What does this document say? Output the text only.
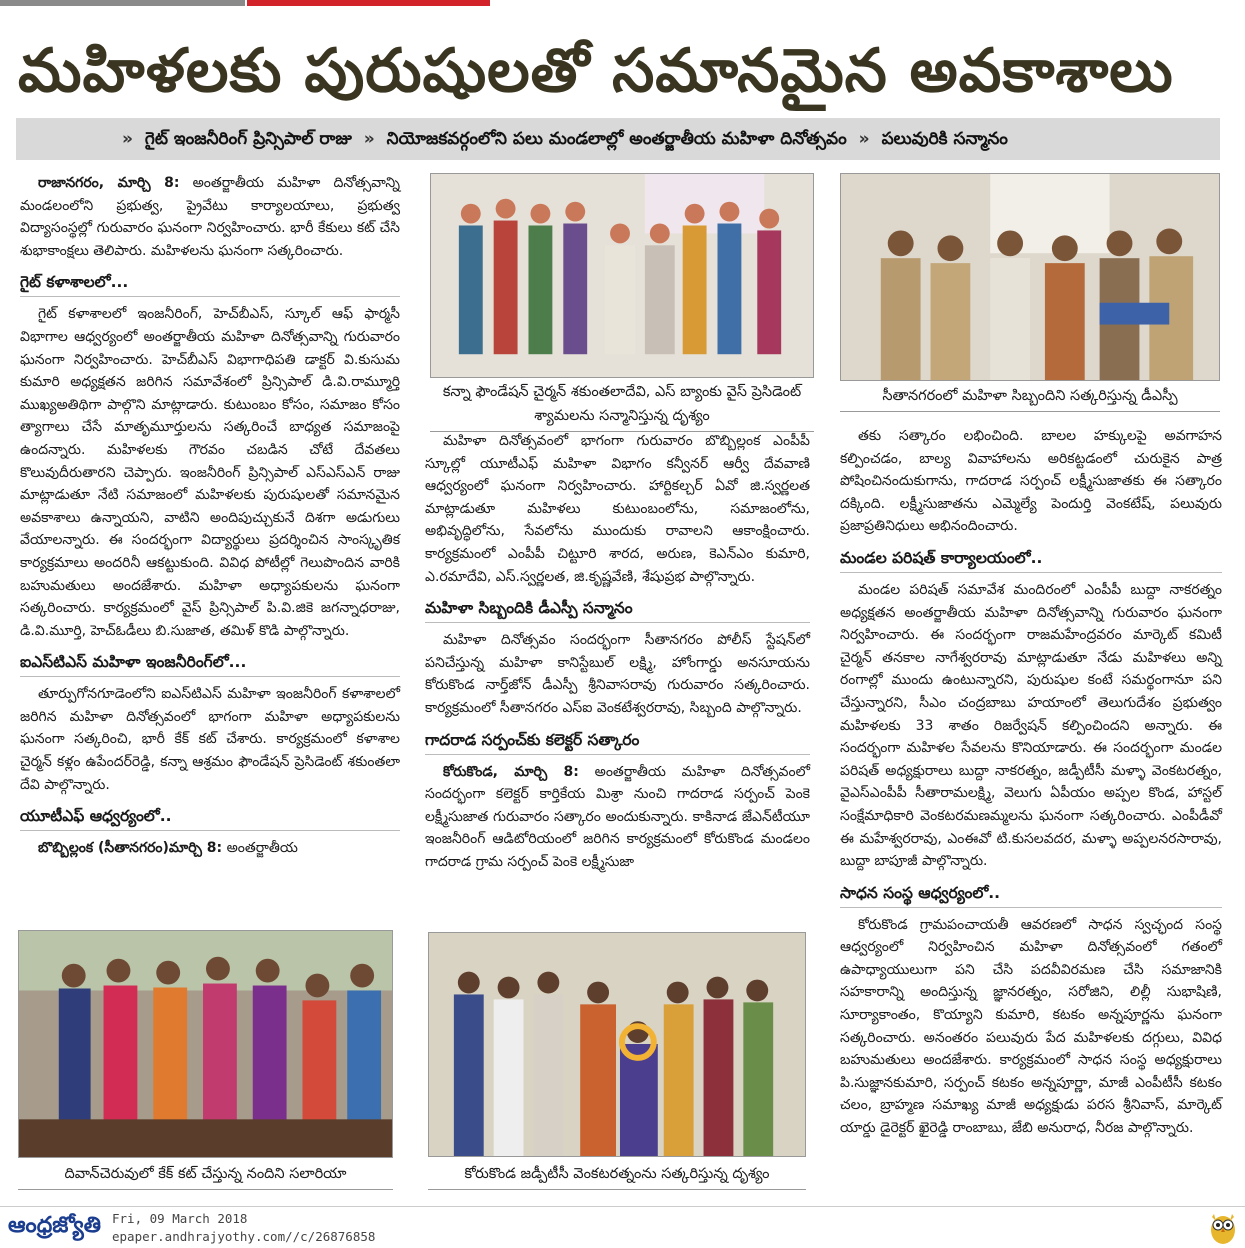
మహిళలకు పురుషులతో సమానమైన అవకాశాలు
» గైట్ ఇంజనీరింగ్ ప్రిన్సిపాల్ రాజు » నియోజకవర్గంలోని పలు మండలాల్లో అంతర్జాతీయ మహిళా దినోత్సవం » పలువురికి సన్మానం

రాజానగరం, మార్చి 8: అంతర్జాతీయ మహిళా దినోత్సవాన్ని మండలంలోని ప్రభుత్వ, ప్రైవేటు కార్యాలయాలు, ప్రభుత్వ విద్యాసంస్థల్లో గురువారం ఘనంగా నిర్వహించారు. భారీ కేకులు కట్ చేసి శుభాకాంక్షలు తెలిపారు. మహిళలను ఘనంగా సత్కరించారు.

గైట్ కళాశాలలో...

గైట్ కళాశాలలో ఇంజనీరింగ్, హెచ్‌బీఎస్, స్కూల్ ఆఫ్ ఫార్మసీ విభాగాల ఆధ్వర్యంలో అంతర్జాతీయ మహిళా దినోత్సవాన్ని గురువారం ఘనంగా నిర్వహించారు. హెచ్‌బీఎస్ విభాగాధిపతి డాక్టర్ వి.కుసుమ కుమారి అధ్యక్షతన జరిగిన సమావేశంలో ప్రిన్సిపాల్ డి.వి.రామ్మూర్తి ముఖ్యఅతిథిగా పాల్గొని మాట్లాడారు. కుటుంబం కోసం, సమాజం కోసం త్యాగాలు చేసే మాతృమూర్తులను సత్కరించే బాధ్యత సమాజంపై ఉందన్నారు. మహిళలకు గౌరవం చబడిన చోటే దేవతలు కొలువుదీరుతారని చెప్పారు. ఇంజనీరింగ్ ప్రిన్సిపాల్ ఎస్ఎస్ఎన్ రాజు మాట్లాడుతూ నేటి సమాజంలో మహిళలకు పురుషులతో సమానమైన అవకాశాలు ఉన్నాయని, వాటిని అందిపుచ్చుకునే దిశగా అడుగులు వేయాలన్నారు. ఈ సందర్భంగా విద్యార్థులు ప్రదర్శించిన సాంస్కృతిక కార్యక్రమాలు అందరినీ ఆకట్టుకుంది. వివిధ పోటీల్లో గెలుపొందిన వారికి బహుమతులు అందజేశారు. మహిళా అధ్యాపకులను ఘనంగా సత్కరించారు. కార్యక్రమంలో వైస్ ప్రిన్సిపాల్ పి.వి.జికె జగన్నాధరాజు, డి.వి.మూర్తి, హెచ్‌ఓడీలు బి.సుజాత, తమిళ్ కొడి పాల్గొన్నారు.

ఐఎస్‌టిఎస్ మహిళా ఇంజనీరింగ్‌లో...

తూర్పుగోనగూడెంలోని ఐఎస్‌టిఎస్ మహిళా ఇంజనీరింగ్ కళాశాలలో జరిగిన మహిళా దినోత్సవంలో భాగంగా మహిళా అధ్యాపకులను ఘనంగా సత్కరించి, భారీ కేక్ కట్ చేశారు. కార్యక్రమంలో కళాశాల చైర్మన్ కళ్లం ఉపేందర్‌రెడ్డి, కన్నా ఆశ్రమం ఫౌండేషన్ ప్రెసిడెంట్ శకుంతలా దేవి పాల్గొన్నారు.

యూటీఎఫ్ ఆధ్వర్యంలో..

బొబ్బిల్లంక (సీతానగరం)మార్చి 8: అంతర్జాతీయ

మహిళా దినోత్సవంలో భాగంగా గురువారం బొబ్బిల్లంక ఎంపీపీ స్కూల్లో యూటీఎఫ్ మహిళా విభాగం కన్వీనర్ ఆర్వీ దేవవాణి ఆధ్వర్యంలో ఘనంగా నిర్వహించారు. హార్టికల్చర్ ఏవో జి.స్వర్ణలత మాట్లాడుతూ మహిళలు కుటుంబంలోను, సమాజంలోను, అభివృద్ధిలోను, సేవలోను ముందుకు రావాలని ఆకాంక్షించారు. కార్యక్రమంలో ఎంపీపీ చిట్టూరి శారద, అరుణ, కెఎన్ఎం కుమారి, ఎ.రమాదేవి, ఎస్.స్వర్ణలత, జి.కృష్ణవేణి, శేషుప్రభ పాల్గొన్నారు.

మహిళా సిబ్బందికి డీఎస్పీ సన్మానం

మహిళా దినోత్సవం సందర్భంగా సీతానగరం పోలీస్ స్టేషన్‌లో పనిచేస్తున్న మహిళా కానిస్టేబుల్ లక్ష్మి, హోంగార్డు అనసూయను కోరుకొండ నార్త్‌జోన్ డీఎస్పీ శ్రీనివాసరావు గురువారం సత్కరించారు. కార్యక్రమంలో సీతానగరం ఎస్ఐ వెంకటేశ్వరరావు, సిబ్బంది పాల్గొన్నారు.

గాదరాడ సర్పంచ్‌కు కలెక్టర్ సత్కారం

కోరుకొండ, మార్చి 8: అంతర్జాతీయ మహిళా దినోత్సవంలో సందర్భంగా కలెక్టర్ కార్తికేయ మిశ్రా నుంచి గాదరాడ సర్పంచ్ పెంకె లక్ష్మీసుజాత గురువారం సత్కారం అందుకున్నారు. కాకినాడ జేఎన్‌టీయూ ఇంజనీరింగ్ ఆడిటోరియంలో జరిగిన కార్యక్రమంలో కోరుకొండ మండలం గాదరాడ గ్రామ సర్పంచ్ పెంకె లక్ష్మీసుజా

తకు సత్కారం లభించింది. బాలల హక్కులపై అవగాహన కల్పించడం, బాల్య వివాహాలను అరికట్టడంలో చురుకైన పాత్ర పోషించినందుకుగాను, గాదరాడ సర్పంచ్ లక్ష్మీసుజాతకు ఈ సత్కారం దక్కింది. లక్ష్మీసుజాతను ఎమ్మెల్యే పెందుర్తి వెంకటేష్, పలువురు ప్రజాప్రతినిధులు అభినందించారు.

మండల పరిషత్ కార్యాలయంలో..

మండల పరిషత్ సమావేశ మందిరంలో ఎంపీపీ బుద్దా నాకరత్నం అధ్యక్షతన అంతర్జాతీయ మహిళా దినోత్సవాన్ని గురువారం ఘనంగా నిర్వహించారు. ఈ సందర్భంగా రాజమహేంద్రవరం మార్కెట్ కమిటీ చైర్మన్ తనకాల నాగేశ్వరరావు మాట్లాడుతూ నేడు మహిళలు అన్ని రంగాల్లో ముందు ఉంటున్నారని, పురుషుల కంటే సమర్థంగానూ పని చేస్తున్నారని, సీఎం చంద్రబాబు హయాంలో తెలుగుదేశం ప్రభుత్వం మహిళలకు 33 శాతం రిజర్వేషన్ కల్పించిందని అన్నారు. ఈ సందర్భంగా మహిళల సేవలను కొనియాడారు. ఈ సందర్భంగా మండల పరిషత్ అధ్యక్షురాలు బుద్దా నాకరత్నం, జడ్పీటీసీ మళ్ళా వెంకటరత్నం, వైఎస్ఎంపీపీ సీతారామలక్ష్మి, వెలుగు ఏపీయం అప్పల కొండ, హాస్టల్ సంక్షేమాధికారి వెంకటరమణమ్మలను ఘనంగా సత్కరించారు. ఎంపీడీవో ఈ మహేశ్వరరావు, ఎంఈవో టి.కుసలవదర, మళ్ళా అప్పలనరసారావు, బుద్దా బాపూజీ పాల్గొన్నారు.

సాధన సంస్థ ఆధ్వర్యంలో..

కోరుకొండ గ్రామపంచాయతీ ఆవరణలో సాధన స్వచ్ఛంద సంస్థ ఆధ్వర్యంలో నిర్వహించిన మహిళా దినోత్సవంలో గతంలో ఉపాధ్యాయులుగా పని చేసి పదవీవిరమణ చేసి సమాజానికి సహకారాన్ని అందిస్తున్న జ్ఞానరత్నం, సరోజిని, లిల్లీ సుభాషిణి, సూర్యాకాంతం, కొయ్యాని కుమారి, కటకం అన్నపూర్ణను ఘనంగా సత్కరించారు. అనంతరం పలువురు పేద మహిళలకు దగ్గులు, వివిధ బహుమతులు అందజేశారు. కార్యక్రమంలో సాధన సంస్థ అధ్యక్షురాలు పి.సుజ్ఞానకుమారి, సర్పంచ్ కటకం అన్నపూర్ణా, మాజీ ఎంపీటీసీ కటకం చలం, బ్రాహ్మణ సమాఖ్య మాజీ అధ్యక్షుడు పరస శ్రీనివాస్, మార్కెట్ యార్డు డైరెక్టర్ ఖైరెడ్డి రాంబాబు, జేబి అనురాధ, నీరజ పాల్గొన్నారు.

కన్నా ఫౌండేషన్ చైర్మన్ శకుంతలాదేవి, ఎస్ బ్యాంకు వైస్ ప్రెసిడెంట్ శ్యామలను సన్మానిస్తున్న దృశ్యం
సీతానగరంలో మహిళా సిబ్బందిని సత్కరిస్తున్న డీఎస్పీ
దివాన్‌చెరువులో కేక్ కట్ చేస్తున్న నందిని సలారియా	కోరుకొండ జడ్పీటీసీ వెంకటరత్నంను సత్కరిస్తున్న దృశ్యం
ఆంధ్రజ్యోతి Fri, 09 March 2018
epaper.andhrajyothy.com//c/26876858
